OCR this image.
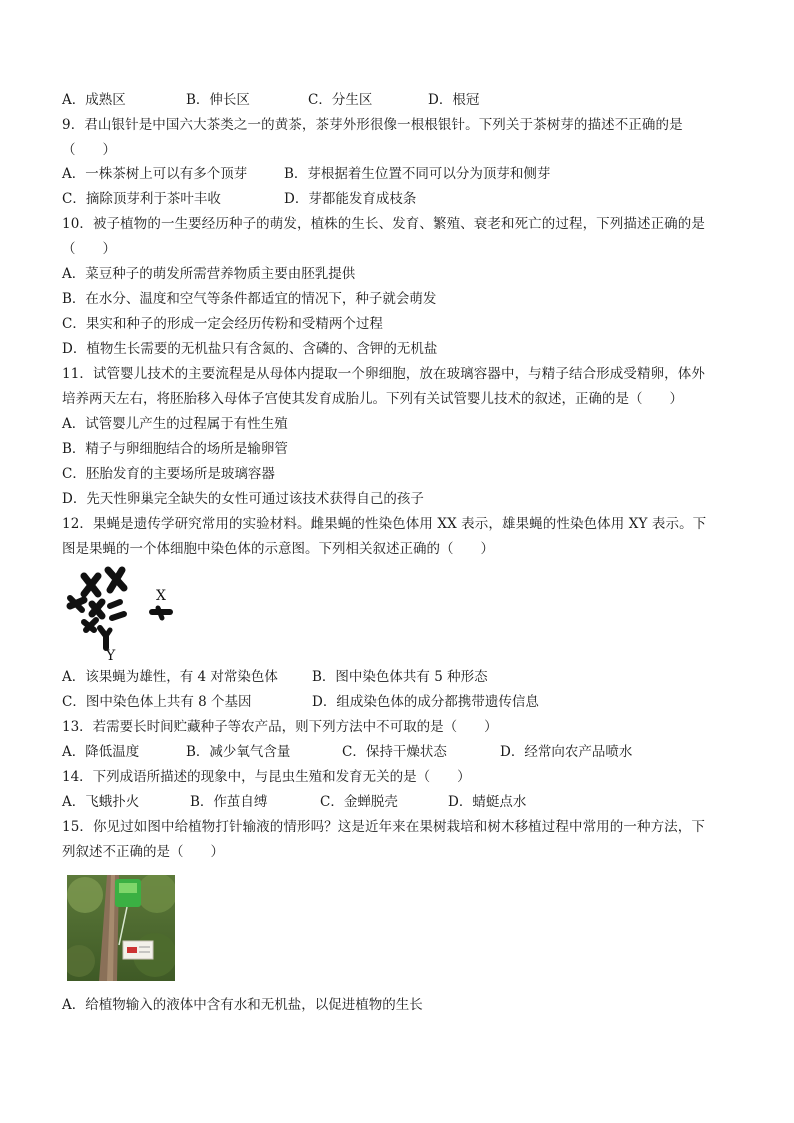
A．成熟区	B．伸长区	C．分生区	D．根冠
9．君山银针是中国六大茶类之一的黄茶，茶芽外形很像一根根银针。下列关于茶树芽的描述不正确的是
（　　）
A．一株茶树上可以有多个顶芽	B．芽根据着生位置不同可以分为顶芽和侧芽
C．摘除顶芽利于茶叶丰收	D．芽都能发育成枝条
10．被子植物的一生要经历种子的萌发，植株的生长、发育、繁殖、衰老和死亡的过程，下列描述正确的是
（　　）
A．菜豆种子的萌发所需营养物质主要由胚乳提供
B．在水分、温度和空气等条件都适宜的情况下，种子就会萌发
C．果实和种子的形成一定会经历传粉和受精两个过程
D．植物生长需要的无机盐只有含氮的、含磷的、含钾的无机盐
11．试管婴儿技术的主要流程是从母体内提取一个卵细胞，放在玻璃容器中，与精子结合形成受精卵，体外
培养两天左右，将胚胎移入母体子宫使其发育成胎儿。下列有关试管婴儿技术的叙述，正确的是（　　）
A．试管婴儿产生的过程属于有性生殖
B．精子与卵细胞结合的场所是输卵管
C．胚胎发育的主要场所是玻璃容器
D．先天性卵巢完全缺失的女性可通过该技术获得自己的孩子
12．果蝇是遗传学研究常用的实验材料。雌果蝇的性染色体用 XX 表示，雄果蝇的性染色体用 XY 表示。下
图是果蝇的一个体细胞中染色体的示意图。下列相关叙述正确的（　　）
X
Y
A．该果蝇为雄性，有 4 对常染色体	B．图中染色体共有 5 种形态
C．图中染色体上共有 8 个基因	D．组成染色体的成分都携带遗传信息
13．若需要长时间贮藏种子等农产品，则下列方法中不可取的是（　　）
A．降低温度	B．减少氧气含量	C．保持干燥状态	D．经常向农产品喷水
14．下列成语所描述的现象中，与昆虫生殖和发育无关的是（　　）
A．飞蛾扑火	B．作茧自缚	C．金蝉脱壳	D．蜻蜓点水
15．你见过如图中给植物打针输液的情形吗？这是近年来在果树栽培和树木移植过程中常用的一种方法，下
列叙述不正确的是（　　）
A．给植物输入的液体中含有水和无机盐，以促进植物的生长
